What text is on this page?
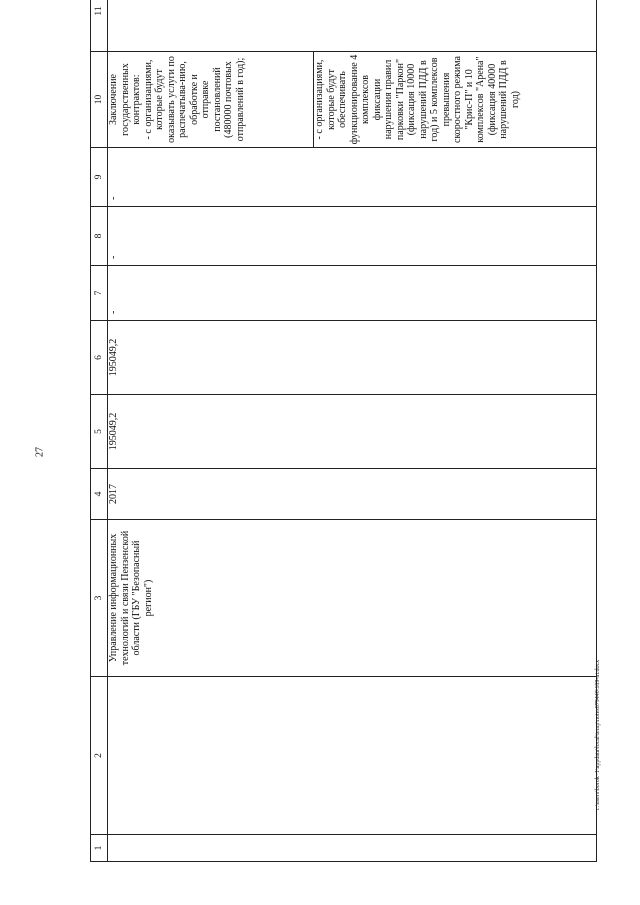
27
1	2	3	4	5	6	7	8	9	10	11
		Управление информационных технологий и связи Пензенской области (ГБУ "Безопасный регион")	2017	195049,2	195049,2	-	-	-	Заключение государственных контрактов: - с организациями, которые будут оказывать услуги по распечатыва-нию, обработке и отправке постановлений (480000 почтовых отправлений в год); - с организациями, которые будут обеспечивать функционирование 4 комплексов фиксации нарушения правил парковки "Паркон" (фиксация 10000 нарушений ПДД в год) и 5 комплексов превышения скоростного режима "Крис-П" и 10 комплексов "Арена" (фиксация 40000 нарушений ПДД в год)	

c:\users\borok~1\appdata\local\temp\notes879440\189-ni.docx
